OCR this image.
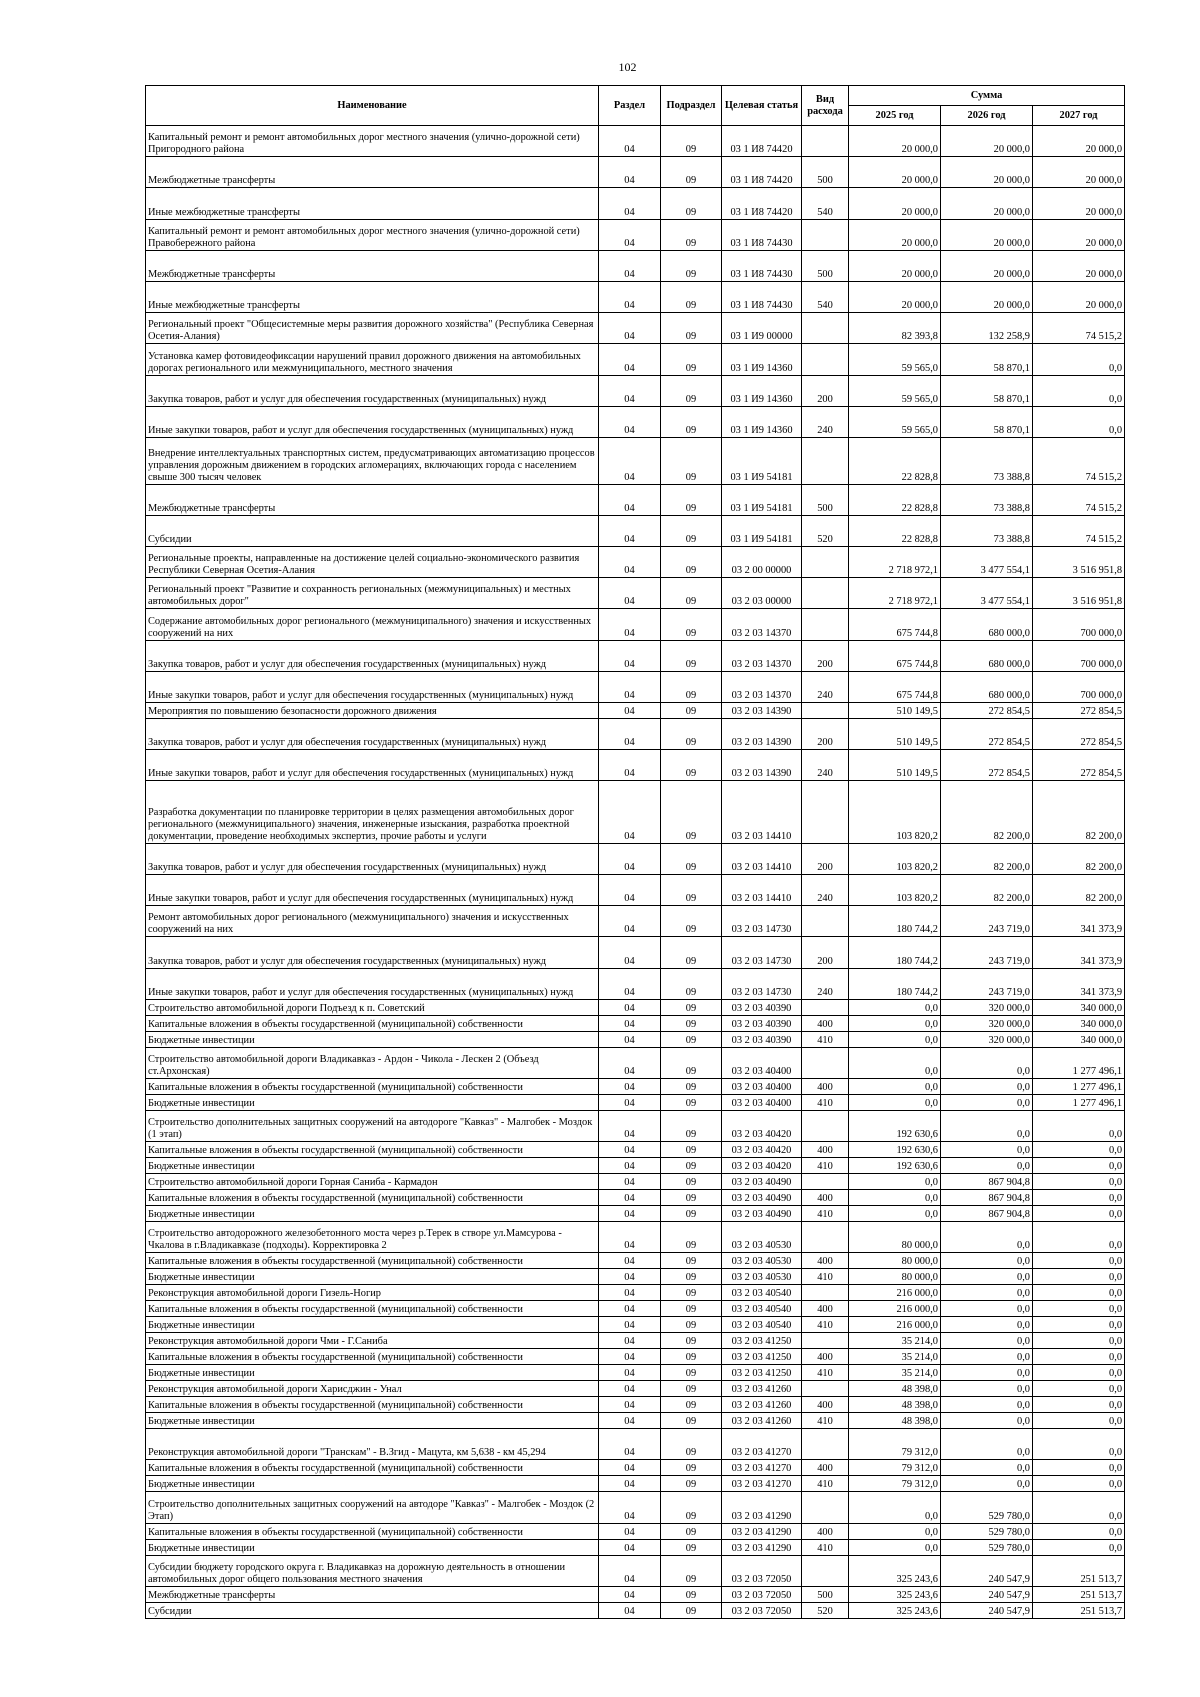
102
Наименование	Раздел	Подраздел	Целевая статья	Вид расхода	Сумма		
					2025 год	2026 год	2027 год
Капитальный ремонт и ремонт автомобильных дорог местного значения (улично-дорожной сети) Пригородного района	04	09	03 1 И8 74420		20 000,0	20 000,0	20 000,0
Межбюджетные трансферты	04	09	03 1 И8 74420	500	20 000,0	20 000,0	20 000,0
Иные межбюджетные трансферты	04	09	03 1 И8 74420	540	20 000,0	20 000,0	20 000,0
Капитальный ремонт и ремонт автомобильных дорог местного значения (улично-дорожной сети) Правобережного района	04	09	03 1 И8 74430		20 000,0	20 000,0	20 000,0
Межбюджетные трансферты	04	09	03 1 И8 74430	500	20 000,0	20 000,0	20 000,0
Иные межбюджетные трансферты	04	09	03 1 И8 74430	540	20 000,0	20 000,0	20 000,0
Региональный проект "Общесистемные меры развития дорожного хозяйства" (Республика Северная Осетия-Алания)	04	09	03 1 И9 00000		82 393,8	132 258,9	74 515,2
Установка камер фотовидеофиксации нарушений правил дорожного движения на автомобильных дорогах регионального или межмуниципального, местного значения	04	09	03 1 И9 14360		59 565,0	58 870,1	0,0
Закупка товаров, работ и услуг для обеспечения государственных (муниципальных) нужд	04	09	03 1 И9 14360	200	59 565,0	58 870,1	0,0
Иные закупки товаров, работ и услуг для обеспечения государственных (муниципальных) нужд	04	09	03 1 И9 14360	240	59 565,0	58 870,1	0,0
Внедрение интеллектуальных транспортных систем, предусматривающих автоматизацию процессов управления дорожным движением в городских агломерациях, включающих города с населением свыше 300 тысяч человек	04	09	03 1 И9 54181		22 828,8	73 388,8	74 515,2
Межбюджетные трансферты	04	09	03 1 И9 54181	500	22 828,8	73 388,8	74 515,2
Субсидии	04	09	03 1 И9 54181	520	22 828,8	73 388,8	74 515,2
Региональные проекты, направленные на достижение целей социально-экономического развития Республики Северная Осетия-Алания	04	09	03 2 00 00000		2 718 972,1	3 477 554,1	3 516 951,8
Региональный проект "Развитие и сохранность региональных (межмуниципальных) и местных автомобильных дорог"	04	09	03 2 03 00000		2 718 972,1	3 477 554,1	3 516 951,8
Содержание автомобильных дорог регионального (межмуниципального) значения и искусственных сооружений на них	04	09	03 2 03 14370		675 744,8	680 000,0	700 000,0
Закупка товаров, работ и услуг для обеспечения государственных (муниципальных) нужд	04	09	03 2 03 14370	200	675 744,8	680 000,0	700 000,0
Иные закупки товаров, работ и услуг для обеспечения государственных (муниципальных) нужд	04	09	03 2 03 14370	240	675 744,8	680 000,0	700 000,0
Мероприятия по повышению безопасности дорожного движения	04	09	03 2 03 14390		510 149,5	272 854,5	272 854,5
Закупка товаров, работ и услуг для обеспечения государственных (муниципальных) нужд	04	09	03 2 03 14390	200	510 149,5	272 854,5	272 854,5
Иные закупки товаров, работ и услуг для обеспечения государственных (муниципальных) нужд	04	09	03 2 03 14390	240	510 149,5	272 854,5	272 854,5
Разработка документации по планировке территории в целях размещения автомобильных дорог регионального (межмуниципального) значения, инженерные изыскания, разработка проектной документации, проведение необходимых экспертиз, прочие работы и услуги	04	09	03 2 03 14410		103 820,2	82 200,0	82 200,0
Закупка товаров, работ и услуг для обеспечения государственных (муниципальных) нужд	04	09	03 2 03 14410	200	103 820,2	82 200,0	82 200,0
Иные закупки товаров, работ и услуг для обеспечения государственных (муниципальных) нужд	04	09	03 2 03 14410	240	103 820,2	82 200,0	82 200,0
Ремонт автомобильных дорог регионального (межмуниципального) значения и искусственных сооружений на них	04	09	03 2 03 14730		180 744,2	243 719,0	341 373,9
Закупка товаров, работ и услуг для обеспечения государственных (муниципальных) нужд	04	09	03 2 03 14730	200	180 744,2	243 719,0	341 373,9
Иные закупки товаров, работ и услуг для обеспечения государственных (муниципальных) нужд	04	09	03 2 03 14730	240	180 744,2	243 719,0	341 373,9
Строительство автомобильной дороги Подъезд к п. Советский	04	09	03 2 03 40390		0,0	320 000,0	340 000,0
Капитальные вложения в объекты государственной (муниципальной) собственности	04	09	03 2 03 40390	400	0,0	320 000,0	340 000,0
Бюджетные инвестиции	04	09	03 2 03 40390	410	0,0	320 000,0	340 000,0
Строительство автомобильной дороги Владикавказ - Ардон - Чикола - Лескен 2 (Объезд ст.Архонская)	04	09	03 2 03 40400		0,0	0,0	1 277 496,1
Капитальные вложения в объекты государственной (муниципальной) собственности	04	09	03 2 03 40400	400	0,0	0,0	1 277 496,1
Бюджетные инвестиции	04	09	03 2 03 40400	410	0,0	0,0	1 277 496,1
Строительство дополнительных защитных сооружений на автодороге "Кавказ" - Малгобек - Моздок (1 этап)	04	09	03 2 03 40420		192 630,6	0,0	0,0
Капитальные вложения в объекты государственной (муниципальной) собственности	04	09	03 2 03 40420	400	192 630,6	0,0	0,0
Бюджетные инвестиции	04	09	03 2 03 40420	410	192 630,6	0,0	0,0
Строительство автомобильной дороги Горная Санибa - Кармадон	04	09	03 2 03 40490		0,0	867 904,8	0,0
Капитальные вложения в объекты государственной (муниципальной) собственности	04	09	03 2 03 40490	400	0,0	867 904,8	0,0
Бюджетные инвестиции	04	09	03 2 03 40490	410	0,0	867 904,8	0,0
Строительство автодорожного железобетонного моста через р.Терек в створе ул.Мамсурова - Чкалова в г.Владикавказе (подходы). Корректировка 2	04	09	03 2 03 40530		80 000,0	0,0	0,0
Капитальные вложения в объекты государственной (муниципальной) собственности	04	09	03 2 03 40530	400	80 000,0	0,0	0,0
Бюджетные инвестиции	04	09	03 2 03 40530	410	80 000,0	0,0	0,0
Реконструкция автомобильной дороги Гизель-Ногир	04	09	03 2 03 40540		216 000,0	0,0	0,0
Капитальные вложения в объекты государственной (муниципальной) собственности	04	09	03 2 03 40540	400	216 000,0	0,0	0,0
Бюджетные инвестиции	04	09	03 2 03 40540	410	216 000,0	0,0	0,0
Реконструкция автомобильной дороги Чми - Г.Саниба	04	09	03 2 03 41250		35 214,0	0,0	0,0
Капитальные вложения в объекты государственной (муниципальной) собственности	04	09	03 2 03 41250	400	35 214,0	0,0	0,0
Бюджетные инвестиции	04	09	03 2 03 41250	410	35 214,0	0,0	0,0
Реконструкция автомобильной дороги Харисджин - Унал	04	09	03 2 03 41260		48 398,0	0,0	0,0
Капитальные вложения в объекты государственной (муниципальной) собственности	04	09	03 2 03 41260	400	48 398,0	0,0	0,0
Бюджетные инвестиции	04	09	03 2 03 41260	410	48 398,0	0,0	0,0
Реконструкция автомобильной дороги "Транскам" - В.Згид - Мацута, км 5,638 - км 45,294	04	09	03 2 03 41270		79 312,0	0,0	0,0
Капитальные вложения в объекты государственной (муниципальной) собственности	04	09	03 2 03 41270	400	79 312,0	0,0	0,0
Бюджетные инвестиции	04	09	03 2 03 41270	410	79 312,0	0,0	0,0
Строительство дополнительных защитных сооружений на автодоре "Кавказ" - Малгобек - Моздок (2 Этап)	04	09	03 2 03 41290		0,0	529 780,0	0,0
Капитальные вложения в объекты государственной (муниципальной) собственности	04	09	03 2 03 41290	400	0,0	529 780,0	0,0
Бюджетные инвестиции	04	09	03 2 03 41290	410	0,0	529 780,0	0,0
Субсидии бюджету городского округа г. Владикавказ на дорожную деятельность в отношении автомобильных дорог общего пользования местного значения	04	09	03 2 03 72050		325 243,6	240 547,9	251 513,7
Межбюджетные трансферты	04	09	03 2 03 72050	500	325 243,6	240 547,9	251 513,7
Субсидии	04	09	03 2 03 72050	520	325 243,6	240 547,9	251 513,7
